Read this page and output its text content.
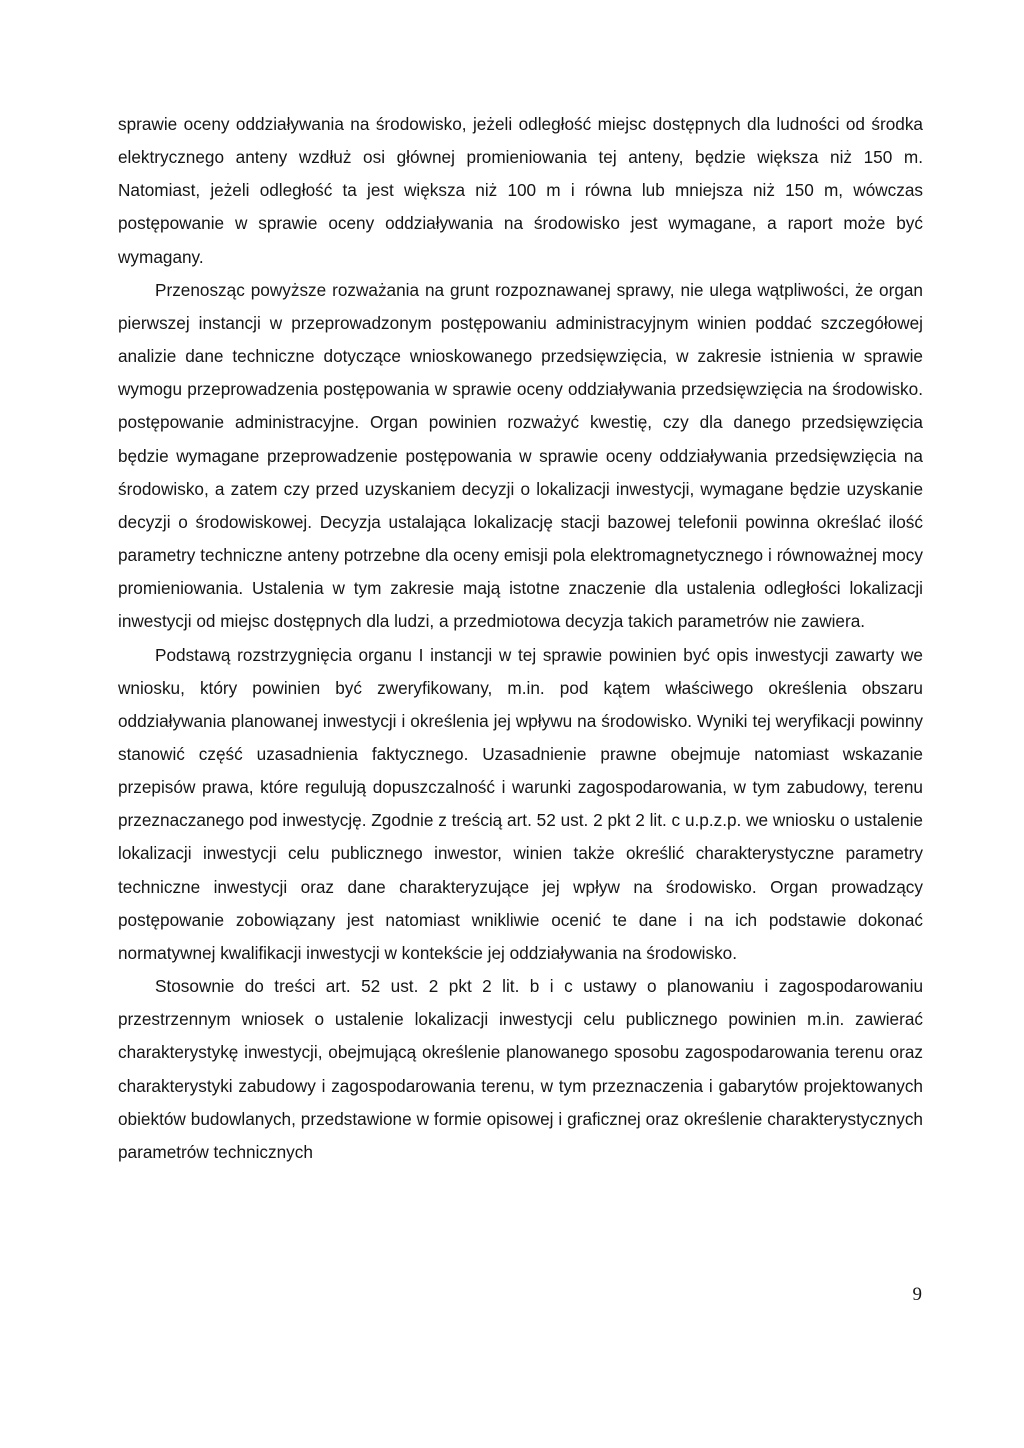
sprawie oceny oddziaływania na środowisko, jeżeli odległość miejsc dostępnych dla ludności od środka elektrycznego anteny wzdłuż osi głównej promieniowania tej anteny, będzie większa niż 150 m. Natomiast, jeżeli odległość ta jest większa niż 100 m i równa lub mniejsza niż 150 m, wówczas postępowanie w sprawie oceny oddziaływania na środowisko jest wymagane, a raport może być wymagany.

Przenosząc powyższe rozważania na grunt rozpoznawanej sprawy, nie ulega wątpliwości, że organ pierwszej instancji w przeprowadzonym postępowaniu administracyjnym winien poddać szczegółowej analizie dane techniczne dotyczące wnioskowanego przedsięwzięcia, w zakresie istnienia w sprawie wymogu przeprowadzenia postępowania w sprawie oceny oddziaływania przedsięwzięcia na środowisko. postępowanie administracyjne. Organ powinien rozważyć kwestię, czy dla danego przedsięwzięcia będzie wymagane przeprowadzenie postępowania w sprawie oceny oddziaływania przedsięwzięcia na środowisko, a zatem czy przed uzyskaniem decyzji o lokalizacji inwestycji, wymagane będzie uzyskanie decyzji o środowiskowej. Decyzja ustalająca lokalizację stacji bazowej telefonii powinna określać ilość parametry techniczne anteny potrzebne dla oceny emisji pola elektromagnetycznego i równoważnej mocy promieniowania. Ustalenia w tym zakresie mają istotne znaczenie dla ustalenia odległości lokalizacji inwestycji od miejsc dostępnych dla ludzi, a przedmiotowa decyzja takich parametrów nie zawiera.

Podstawą rozstrzygnięcia organu I instancji w tej sprawie powinien być opis inwestycji zawarty we wniosku, który powinien być zweryfikowany, m.in. pod kątem właściwego określenia obszaru oddziaływania planowanej inwestycji i określenia jej wpływu na środowisko. Wyniki tej weryfikacji powinny stanowić część uzasadnienia faktycznego. Uzasadnienie prawne obejmuje natomiast wskazanie przepisów prawa, które regulują dopuszczalność i warunki zagospodarowania, w tym zabudowy, terenu przeznaczanego pod inwestycję. Zgodnie z treścią art. 52 ust. 2 pkt 2 lit. c u.p.z.p. we wniosku o ustalenie lokalizacji inwestycji celu publicznego inwestor, winien także określić charakterystyczne parametry techniczne inwestycji oraz dane charakteryzujące jej wpływ na środowisko. Organ prowadzący postępowanie zobowiązany jest natomiast wnikliwie ocenić te dane i na ich podstawie dokonać normatywnej kwalifikacji inwestycji w kontekście jej oddziaływania na środowisko.

Stosownie do treści art. 52 ust. 2 pkt 2 lit. b i c ustawy o planowaniu i zagospodarowaniu przestrzennym wniosek o ustalenie lokalizacji inwestycji celu publicznego powinien m.in. zawierać charakterystykę inwestycji, obejmującą określenie planowanego sposobu zagospodarowania terenu oraz charakterystyki zabudowy i zagospodarowania terenu, w tym przeznaczenia i gabarytów projektowanych obiektów budowlanych, przedstawione w formie opisowej i graficznej oraz określenie charakterystycznych parametrów technicznych

9
